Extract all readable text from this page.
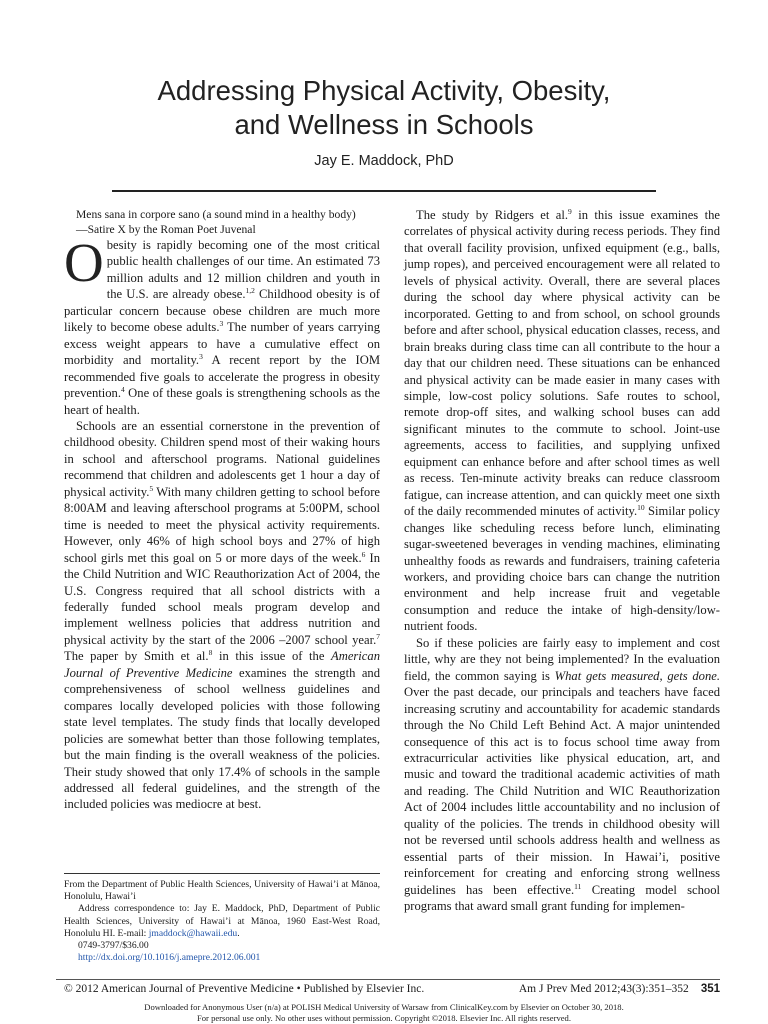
Addressing Physical Activity, Obesity,
and Wellness in Schools
Jay E. Maddock, PhD

Mens sana in corpore sano (a sound mind in a healthy body)

—Satire X by the Roman Poet Juvenal

Obesity is rapidly becoming one of the most critical public health challenges of our time. An estimated 73 million adults and 12 million children and youth in the U.S. are already obese.$^{1,2}$ Childhood obesity is of particular concern because obese children are much more likely to become obese adults.$^3$ The number of years carrying excess weight appears to have a cumulative effect on morbidity and mortality.$^3$ A recent report by the IOM recommended five goals to accelerate the progress in obesity prevention.$^4$ One of these goals is strengthening schools as the heart of health.

Schools are an essential cornerstone in the prevention of childhood obesity. Children spend most of their waking hours in school and afterschool programs. National guidelines recommend that children and adolescents get 1 hour a day of physical activity.$^5$ With many children getting to school before 8:00AM and leaving afterschool programs at 5:00PM, school time is needed to meet the physical activity requirements. However, only 46% of high school boys and 27% of high school girls met this goal on 5 or more days of the week.$^6$ In the Child Nutrition and WIC Reauthorization Act of 2004, the U.S. Congress required that all school districts with a federally funded school meals program develop and implement wellness policies that address nutrition and physical activity by the start of the 2006 –2007 school year.$^7$ The paper by Smith et al.$^8$ in this issue of the American Journal of Preventive Medicine examines the strength and comprehensiveness of school wellness guidelines and compares locally developed policies with those following state level templates. The study finds that locally developed policies are somewhat better than those following templates, but the main finding is the overall weakness of the policies. Their study showed that only 17.4% of schools in the sample addressed all federal guidelines, and the strength of the included policies was mediocre at best.

The study by Ridgers et al.$^9$ in this issue examines the correlates of physical activity during recess periods. They find that overall facility provision, unfixed equipment (e.g., balls, jump ropes), and perceived encouragement were all related to levels of physical activity. Overall, there are several places during the school day where physical activity can be incorporated. Getting to and from school, on school grounds before and after school, physical education classes, recess, and brain breaks during class time can all contribute to the hour a day that our children need. These situations can be enhanced and physical activity can be made easier in many cases with simple, low-cost policy solutions. Safe routes to school, remote drop-off sites, and walking school buses can add significant minutes to the commute to school. Joint-use agreements, access to facilities, and supplying unfixed equipment can enhance before and after school times as well as recess. Ten-minute activity breaks can reduce classroom fatigue, can increase attention, and can quickly meet one sixth of the daily recommended minutes of activity.$^{10}$ Similar policy changes like scheduling recess before lunch, eliminating sugar-sweetened beverages in vending machines, eliminating unhealthy foods as rewards and fundraisers, training cafeteria workers, and providing choice bars can change the nutrition environment and help increase fruit and vegetable consumption and reduce the intake of high-density/low-nutrient foods.

So if these policies are fairly easy to implement and cost little, why are they not being implemented? In the evaluation field, the common saying is What gets measured, gets done. Over the past decade, our principals and teachers have faced increasing scrutiny and accountability for academic standards through the No Child Left Behind Act. A major unintended consequence of this act is to focus school time away from extracurricular activities like physical education, art, and music and toward the traditional academic activities of math and reading. The Child Nutrition and WIC Reauthorization Act of 2004 includes little accountability and no inclusion of quality of the policies. The trends in childhood obesity will not be reversed until schools address health and wellness as essential parts of their mission. In Hawai’i, positive reinforcement for creating and enforcing strong wellness guidelines has been effective.$^{11}$ Creating model school programs that award small grant funding for implemen-

From the Department of Public Health Sciences, University of Hawai’i at Mānoa, Honolulu, Hawai’i

Address correspondence to: Jay E. Maddock, PhD, Department of Public Health Sciences, University of Hawai’i at Mānoa, 1960 East-West Road, Honolulu HI. E-mail: jmaddock@hawaii.edu.

0749-3797/$36.00

http://dx.doi.org/10.1016/j.amepre.2012.06.001

© 2012 American Journal of Preventive Medicine • Published by Elsevier Inc.	Am J Prev Med 2012;43(3):351–352 351
Downloaded for Anonymous User (n/a) at POLISH Medical University of Warsaw from ClinicalKey.com by Elsevier on October 30, 2018.
For personal use only. No other uses without permission. Copyright ©2018. Elsevier Inc. All rights reserved.
